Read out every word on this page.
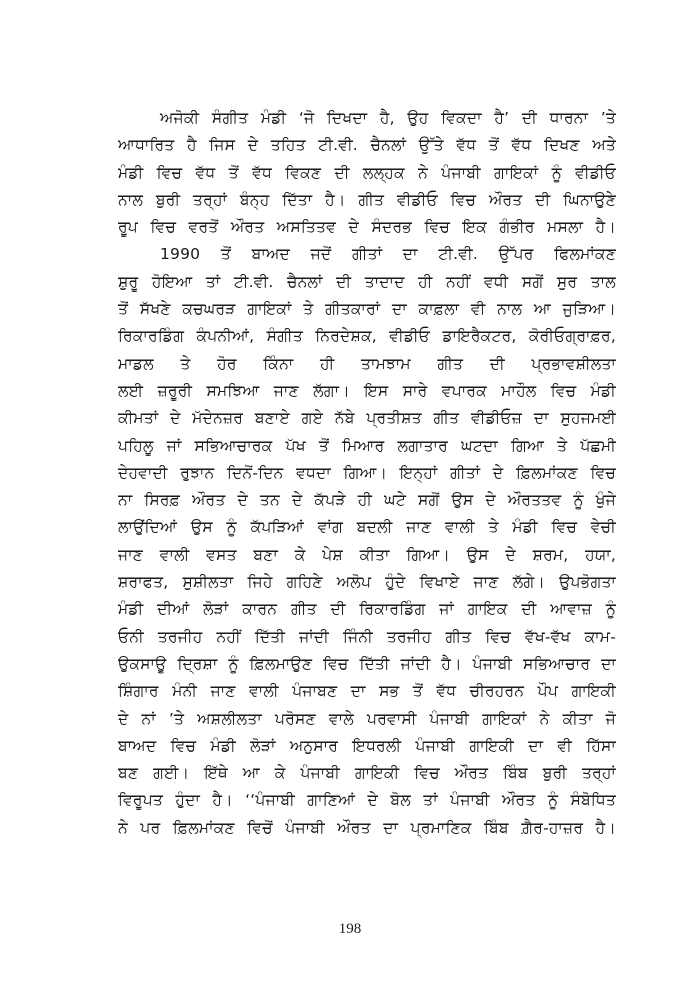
ਅਜੋਕੀ ਸੰਗੀਤ ਮੰਡੀ ‘ਜੋ ਦਿਖਦਾ ਹੈ, ਉਹ ਵਿਕਦਾ ਹੈ’ ਦੀ ਧਾਰਨਾ ’ਤੇ
ਆਧਾਰਿਤ ਹੈ ਜਿਸ ਦੇ ਤਹਿਤ ਟੀ.ਵੀ. ਚੈਨਲਾਂ ਉੱਤੇ ਵੱਧ ਤੋਂ ਵੱਧ ਦਿਖਣ ਅਤੇ
ਮੰਡੀ ਵਿਚ ਵੱਧ ਤੋਂ ਵੱਧ ਵਿਕਣ ਦੀ ਲਲ੍ਹਕ ਨੇ ਪੰਜਾਬੀ ਗਾਇਕਾਂ ਨੂੰ ਵੀਡੀਓ
ਨਾਲ ਬੁਰੀ ਤਰ੍ਹਾਂ ਬੰਨ੍ਹ ਦਿੱਤਾ ਹੈ। ਗੀਤ ਵੀਡੀਓ ਵਿਚ ਔਰਤ ਦੀ ਘਿਨਾਉਣੇ
ਰੂਪ ਵਿਚ ਵਰਤੋਂ ਔਰਤ ਅਸਤਿਤਵ ਦੇ ਸੰਦਰਭ ਵਿਚ ਇਕ ਗੰਭੀਰ ਮਸਲਾ ਹੈ।
1990 ਤੋਂ ਬਾਅਦ ਜਦੋਂ ਗੀਤਾਂ ਦਾ ਟੀ.ਵੀ. ਉੱਪਰ ਫਿਲਮਾਂਕਣ
ਸ਼ੁਰੂ ਹੋਇਆ ਤਾਂ ਟੀ.ਵੀ. ਚੈਨਲਾਂ ਦੀ ਤਾਦਾਦ ਹੀ ਨਹੀਂ ਵਧੀ ਸਗੋਂ ਸੁਰ ਤਾਲ
ਤੋਂ ਸੱਖਣੇ ਕਚਘਰੜ ਗਾਇਕਾਂ ਤੇ ਗੀਤਕਾਰਾਂ ਦਾ ਕਾਫ਼ਲਾ ਵੀ ਨਾਲ ਆ ਜੁੜਿਆ।
ਰਿਕਾਰਡਿੰਗ ਕੰਪਨੀਆਂ, ਸੰਗੀਤ ਨਿਰਦੇਸ਼ਕ, ਵੀਡੀਓ ਡਾਇਰੈਕਟਰ, ਕੋਰੀਓਗ੍ਰਾਫ਼ਰ,
ਮਾਡਲ ਤੇ ਹੋਰ ਕਿੰਨਾ ਹੀ ਤਾਮਝਾਮ ਗੀਤ ਦੀ ਪ੍ਰਭਾਵਸ਼ੀਲਤਾ
ਲਈ ਜ਼ਰੂਰੀ ਸਮਝਿਆ ਜਾਣ ਲੱਗਾ। ਇਸ ਸਾਰੇ ਵਪਾਰਕ ਮਾਹੌਲ ਵਿਚ ਮੰਡੀ
ਕੀਮਤਾਂ ਦੇ ਮੱਦੇਨਜ਼ਰ ਬਣਾਏ ਗਏ ਨੱਬੇ ਪ੍ਰਤੀਸ਼ਤ ਗੀਤ ਵੀਡੀਓਜ਼ ਦਾ ਸੁਹਜਮਈ
ਪਹਿਲੂ ਜਾਂ ਸਭਿਆਚਾਰਕ ਪੱਖ ਤੋਂ ਮਿਆਰ ਲਗਾਤਾਰ ਘਟਦਾ ਗਿਆ ਤੇ ਪੱਛਮੀ
ਦੇਹਵਾਦੀ ਰੁਝਾਨ ਦਿਨੋਂ-ਦਿਨ ਵਧਦਾ ਗਿਆ। ਇਨ੍ਹਾਂ ਗੀਤਾਂ ਦੇ ਫ਼ਿਲਮਾਂਕਣ ਵਿਚ
ਨਾ ਸਿਰਫ਼ ਔਰਤ ਦੇ ਤਨ ਦੇ ਕੱਪੜੇ ਹੀ ਘਟੇ ਸਗੋਂ ਉਸ ਦੇ ਔਰਤਤਵ ਨੂੰ ਖੁੰਜੇ
ਲਾਉਂਦਿਆਂ ਉਸ ਨੂੰ ਕੱਪੜਿਆਂ ਵਾਂਗ ਬਦਲੀ ਜਾਣ ਵਾਲੀ ਤੇ ਮੰਡੀ ਵਿਚ ਵੇਚੀ
ਜਾਣ ਵਾਲੀ ਵਸਤ ਬਣਾ ਕੇ ਪੇਸ਼ ਕੀਤਾ ਗਿਆ। ਉਸ ਦੇ ਸ਼ਰਮ, ਹਯਾ,
ਸ਼ਰਾਫਤ, ਸੁਸ਼ੀਲਤਾ ਜਿਹੇ ਗਹਿਣੇ ਅਲੋਪ ਹੁੰਦੇ ਵਿਖਾਏ ਜਾਣ ਲੱਗੇ। ਉਪਭੋਗਤਾ
ਮੰਡੀ ਦੀਆਂ ਲੋੜਾਂ ਕਾਰਨ ਗੀਤ ਦੀ ਰਿਕਾਰਡਿੰਗ ਜਾਂ ਗਾਇਕ ਦੀ ਆਵਾਜ਼ ਨੂੰ
ਓਨੀ ਤਰਜੀਹ ਨਹੀਂ ਦਿੱਤੀ ਜਾਂਦੀ ਜਿੰਨੀ ਤਰਜੀਹ ਗੀਤ ਵਿਚ ਵੱਖ-ਵੱਖ ਕਾਮ-
ਉਕਸਾਊ ਦ੍ਰਿਸ਼ਾ ਨੂੰ ਫ਼ਿਲਮਾਉਣ ਵਿਚ ਦਿੱਤੀ ਜਾਂਦੀ ਹੈ। ਪੰਜਾਬੀ ਸਭਿਆਚਾਰ ਦਾ
ਸ਼ਿੰਗਾਰ ਮੰਨੀ ਜਾਣ ਵਾਲੀ ਪੰਜਾਬਣ ਦਾ ਸਭ ਤੋਂ ਵੱਧ ਚੀਰਹਰਨ ਪੌਪ ਗਾਇਕੀ
ਦੇ ਨਾਂ ’ਤੇ ਅਸ਼ਲੀਲਤਾ ਪਰੋਸਣ ਵਾਲੇ ਪਰਵਾਸੀ ਪੰਜਾਬੀ ਗਾਇਕਾਂ ਨੇ ਕੀਤਾ ਜੋ
ਬਾਅਦ ਵਿਚ ਮੰਡੀ ਲੋੜਾਂ ਅਨੁਸਾਰ ਇਧਰਲੀ ਪੰਜਾਬੀ ਗਾਇਕੀ ਦਾ ਵੀ ਹਿੱਸਾ
ਬਣ ਗਈ। ਇੱਥੇ ਆ ਕੇ ਪੰਜਾਬੀ ਗਾਇਕੀ ਵਿਚ ਔਰਤ ਬਿੰਬ ਬੁਰੀ ਤਰ੍ਹਾਂ
ਵਿਰੂਪਤ ਹੁੰਦਾ ਹੈ। ‘‘ਪੰਜਾਬੀ ਗਾਣਿਆਂ ਦੇ ਬੋਲ ਤਾਂ ਪੰਜਾਬੀ ਔਰਤ ਨੂੰ ਸੰਬੋਧਿਤ
ਨੇ ਪਰ ਫ਼ਿਲਮਾਂਕਣ ਵਿਚੋਂ ਪੰਜਾਬੀ ਔਰਤ ਦਾ ਪ੍ਰਮਾਣਿਕ ਬਿੰਬ ਗ਼ੈਰ-ਹਾਜ਼ਰ ਹੈ।
198
